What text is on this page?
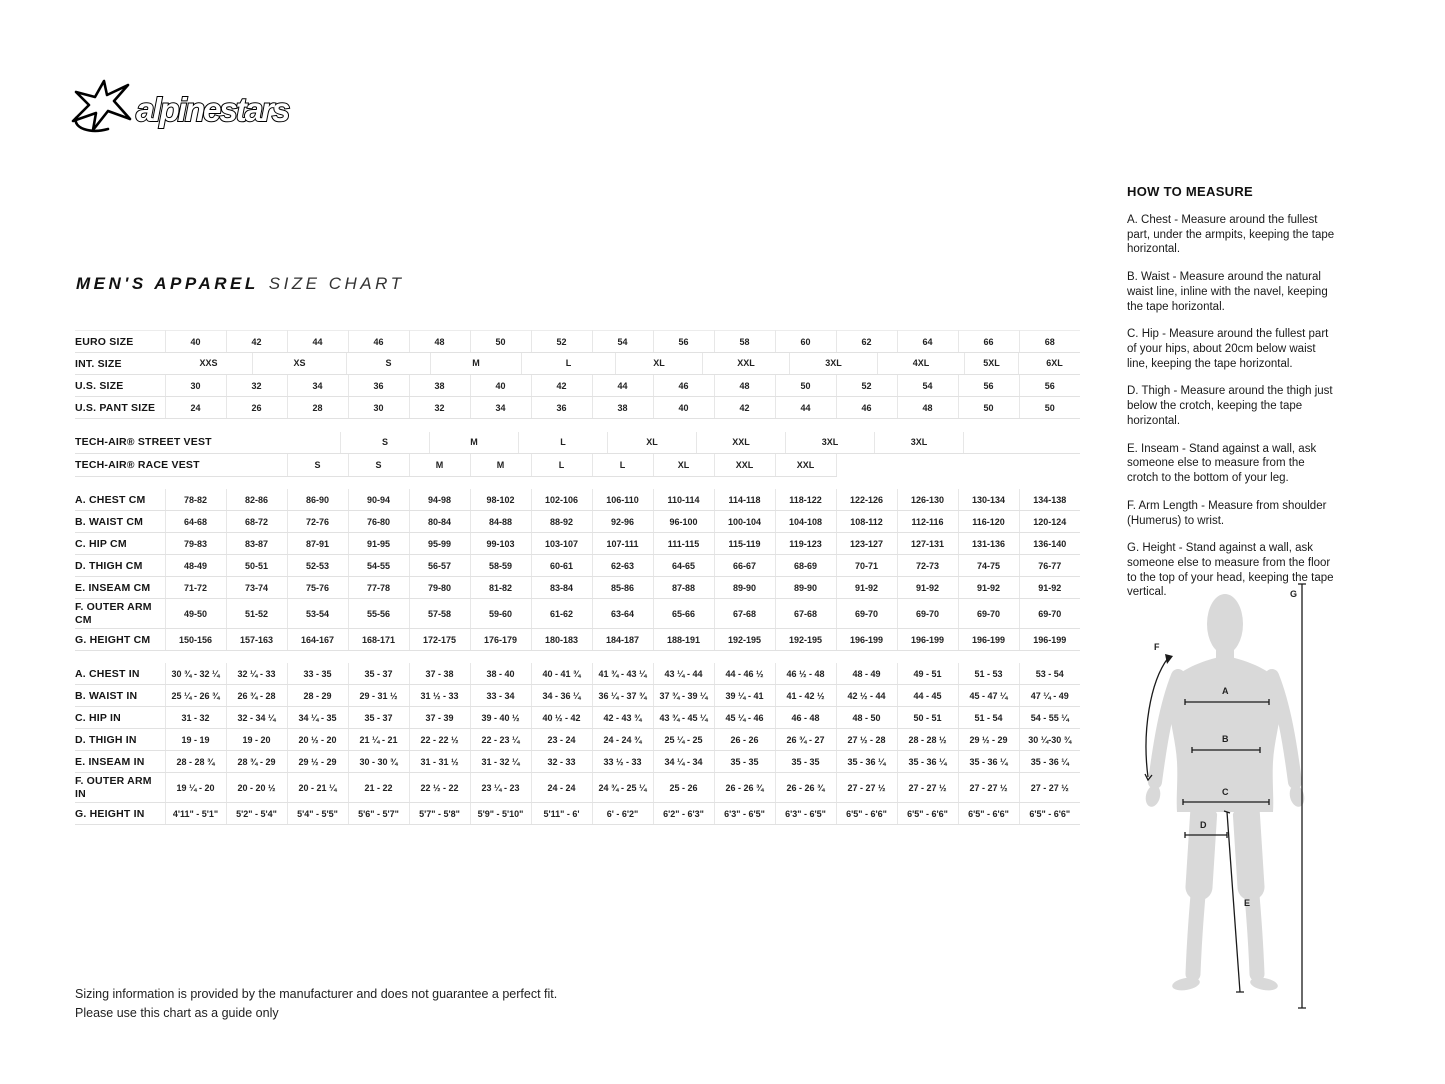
alpinestars
MEN'S APPAREL SIZE CHART
EURO SIZE	40	42	44	46	48	50	52	54	56	58	60	62	64	66	68
INT. SIZE	XXS	XS	S	M	L	XL	XXL	3XL	4XL	5XL	6XL

U.S. SIZE	30	32	34	36	38	40	42	44	46	48	50	52	54	56	56
U.S. PANT SIZE	24	26	28	30	32	34	36	38	40	42	44	46	48	50	50

TECH-AIR® STREET VEST	S	M	L	XL	XXL	3XL	3XL

TECH-AIR® RACE VEST			S	S	M	M	L	L	XL	XXL	XXL				

A. CHEST CM	78-82	82-86	86-90	90-94	94-98	98-102	102-106	106-110	110-114	114-118	118-122	122-126	126-130	130-134	134-138
B. WAIST CM	64-68	68-72	72-76	76-80	80-84	84-88	88-92	92-96	96-100	100-104	104-108	108-112	112-116	116-120	120-124
C. HIP CM	79-83	83-87	87-91	91-95	95-99	99-103	103-107	107-111	111-115	115-119	119-123	123-127	127-131	131-136	136-140
D. THIGH CM	48-49	50-51	52-53	54-55	56-57	58-59	60-61	62-63	64-65	66-67	68-69	70-71	72-73	74-75	76-77
E. INSEAM CM	71-72	73-74	75-76	77-78	79-80	81-82	83-84	85-86	87-88	89-90	89-90	91-92	91-92	91-92	91-92
F. OUTER ARM CM	49-50	51-52	53-54	55-56	57-58	59-60	61-62	63-64	65-66	67-68	67-68	69-70	69-70	69-70	69-70
G. HEIGHT CM	150-156	157-163	164-167	168-171	172-175	176-179	180-183	184-187	188-191	192-195	192-195	196-199	196-199	196-199	196-199

A. CHEST IN	30 ¾ - 32 ¼	32 ¼ - 33	33 - 35	35 - 37	37 - 38	38 - 40	40 - 41 ¾	41 ¾ - 43 ¼	43 ¼ - 44	44 - 46 ½	46 ½ - 48	48 - 49	49 - 51	51 - 53	53 - 54
B. WAIST IN	25 ¼ - 26 ¾	26 ¾ - 28	28 - 29	29 - 31 ½	31 ½ - 33	33 - 34	34 - 36 ¼	36 ¼ - 37 ¾	37 ¾ - 39 ¼	39 ¼ - 41	41 - 42 ½	42 ½ - 44	44 - 45	45 - 47 ¼	47 ¼ - 49
C. HIP IN	31 - 32	32 - 34 ¼	34 ¼ - 35	35 - 37	37 - 39	39 - 40 ½	40 ½ - 42	42 - 43 ¾	43 ¾ - 45 ¼	45 ¼ - 46	46 - 48	48 - 50	50 - 51	51 - 54	54 - 55 ¼
D. THIGH IN	19 - 19	19 - 20	20 ½ - 20	21 ¼ - 21	22 - 22 ½	22 - 23 ¼	23 - 24	24 - 24 ¾	25 ¼ - 25	26 - 26	26 ¾ - 27	27 ½ - 28	28 - 28 ½	29 ½ - 29	30 ¼-30 ¾
E. INSEAM IN	28 - 28 ¾	28 ¾ - 29	29 ½ - 29	30 - 30 ¾	31 - 31 ½	31 - 32 ¼	32 - 33	33 ½ - 33	34 ¼ - 34	35 - 35	35 - 35	35 - 36 ¼	35 - 36 ¼	35 - 36 ¼	35 - 36 ¼
F. OUTER ARM IN	19 ¼ - 20	20 - 20 ½	20 - 21 ¼	21 - 22	22 ½ - 22	23 ¼ - 23	24 - 24	24 ¾ - 25 ¼	25 - 26	26 - 26 ¾	26 - 26 ¾	27 - 27 ½	27 - 27 ½	27 - 27 ½	27 - 27 ½
G. HEIGHT IN	4'11" - 5'1"	5'2" - 5'4"	5'4" - 5'5"	5'6" - 5'7"	5'7" - 5'8"	5'9" - 5'10"	5'11" - 6'	6' - 6'2"	6'2" - 6'3"	6'3" - 6'5"	6'3" - 6'5"	6'5" - 6'6"	6'5" - 6'6"	6'5" - 6'6"	6'5" - 6'6"
Sizing information is provided by the manufacturer and does not guarantee a perfect fit.
Please use this chart as a guide only
HOW TO MEASURE

A. Chest - Measure around the fullest part, under the armpits, keeping the tape horizontal.

B. Waist - Measure around the natural waist line, inline with the navel, keeping the tape horizontal.

C. Hip - Measure around the fullest part of your hips, about 20cm below waist line, keeping the tape horizontal.

D. Thigh - Measure around the thigh just below the crotch, keeping the tape horizontal.

E. Inseam - Stand against a wall, ask someone else to measure from the crotch to the bottom of your leg.

F. Arm Length - Measure from shoulder (Humerus) to wrist.

G. Height - Stand against a wall, ask someone else to measure from the floor to the top of your head, keeping the tape vertical.

A
B
C
D
E
F
G
